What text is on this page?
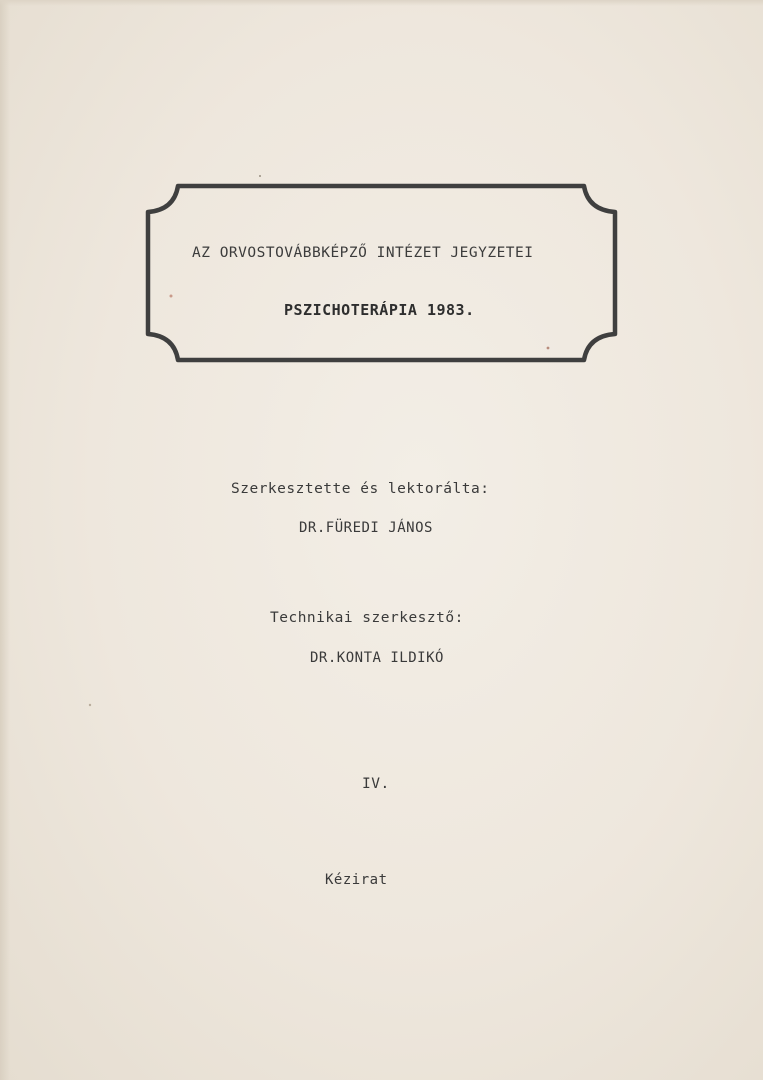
AZ ORVOSTOVÁBBKÉPZŐ INTÉZET JEGYZETEI
PSZICHOTERÁPIA 1983.
Szerkesztette és lektorálta:
DR.FÜREDI JÁNOS
Technikai szerkesztő:
DR.KONTA ILDIKÓ
IV.
Kézirat
